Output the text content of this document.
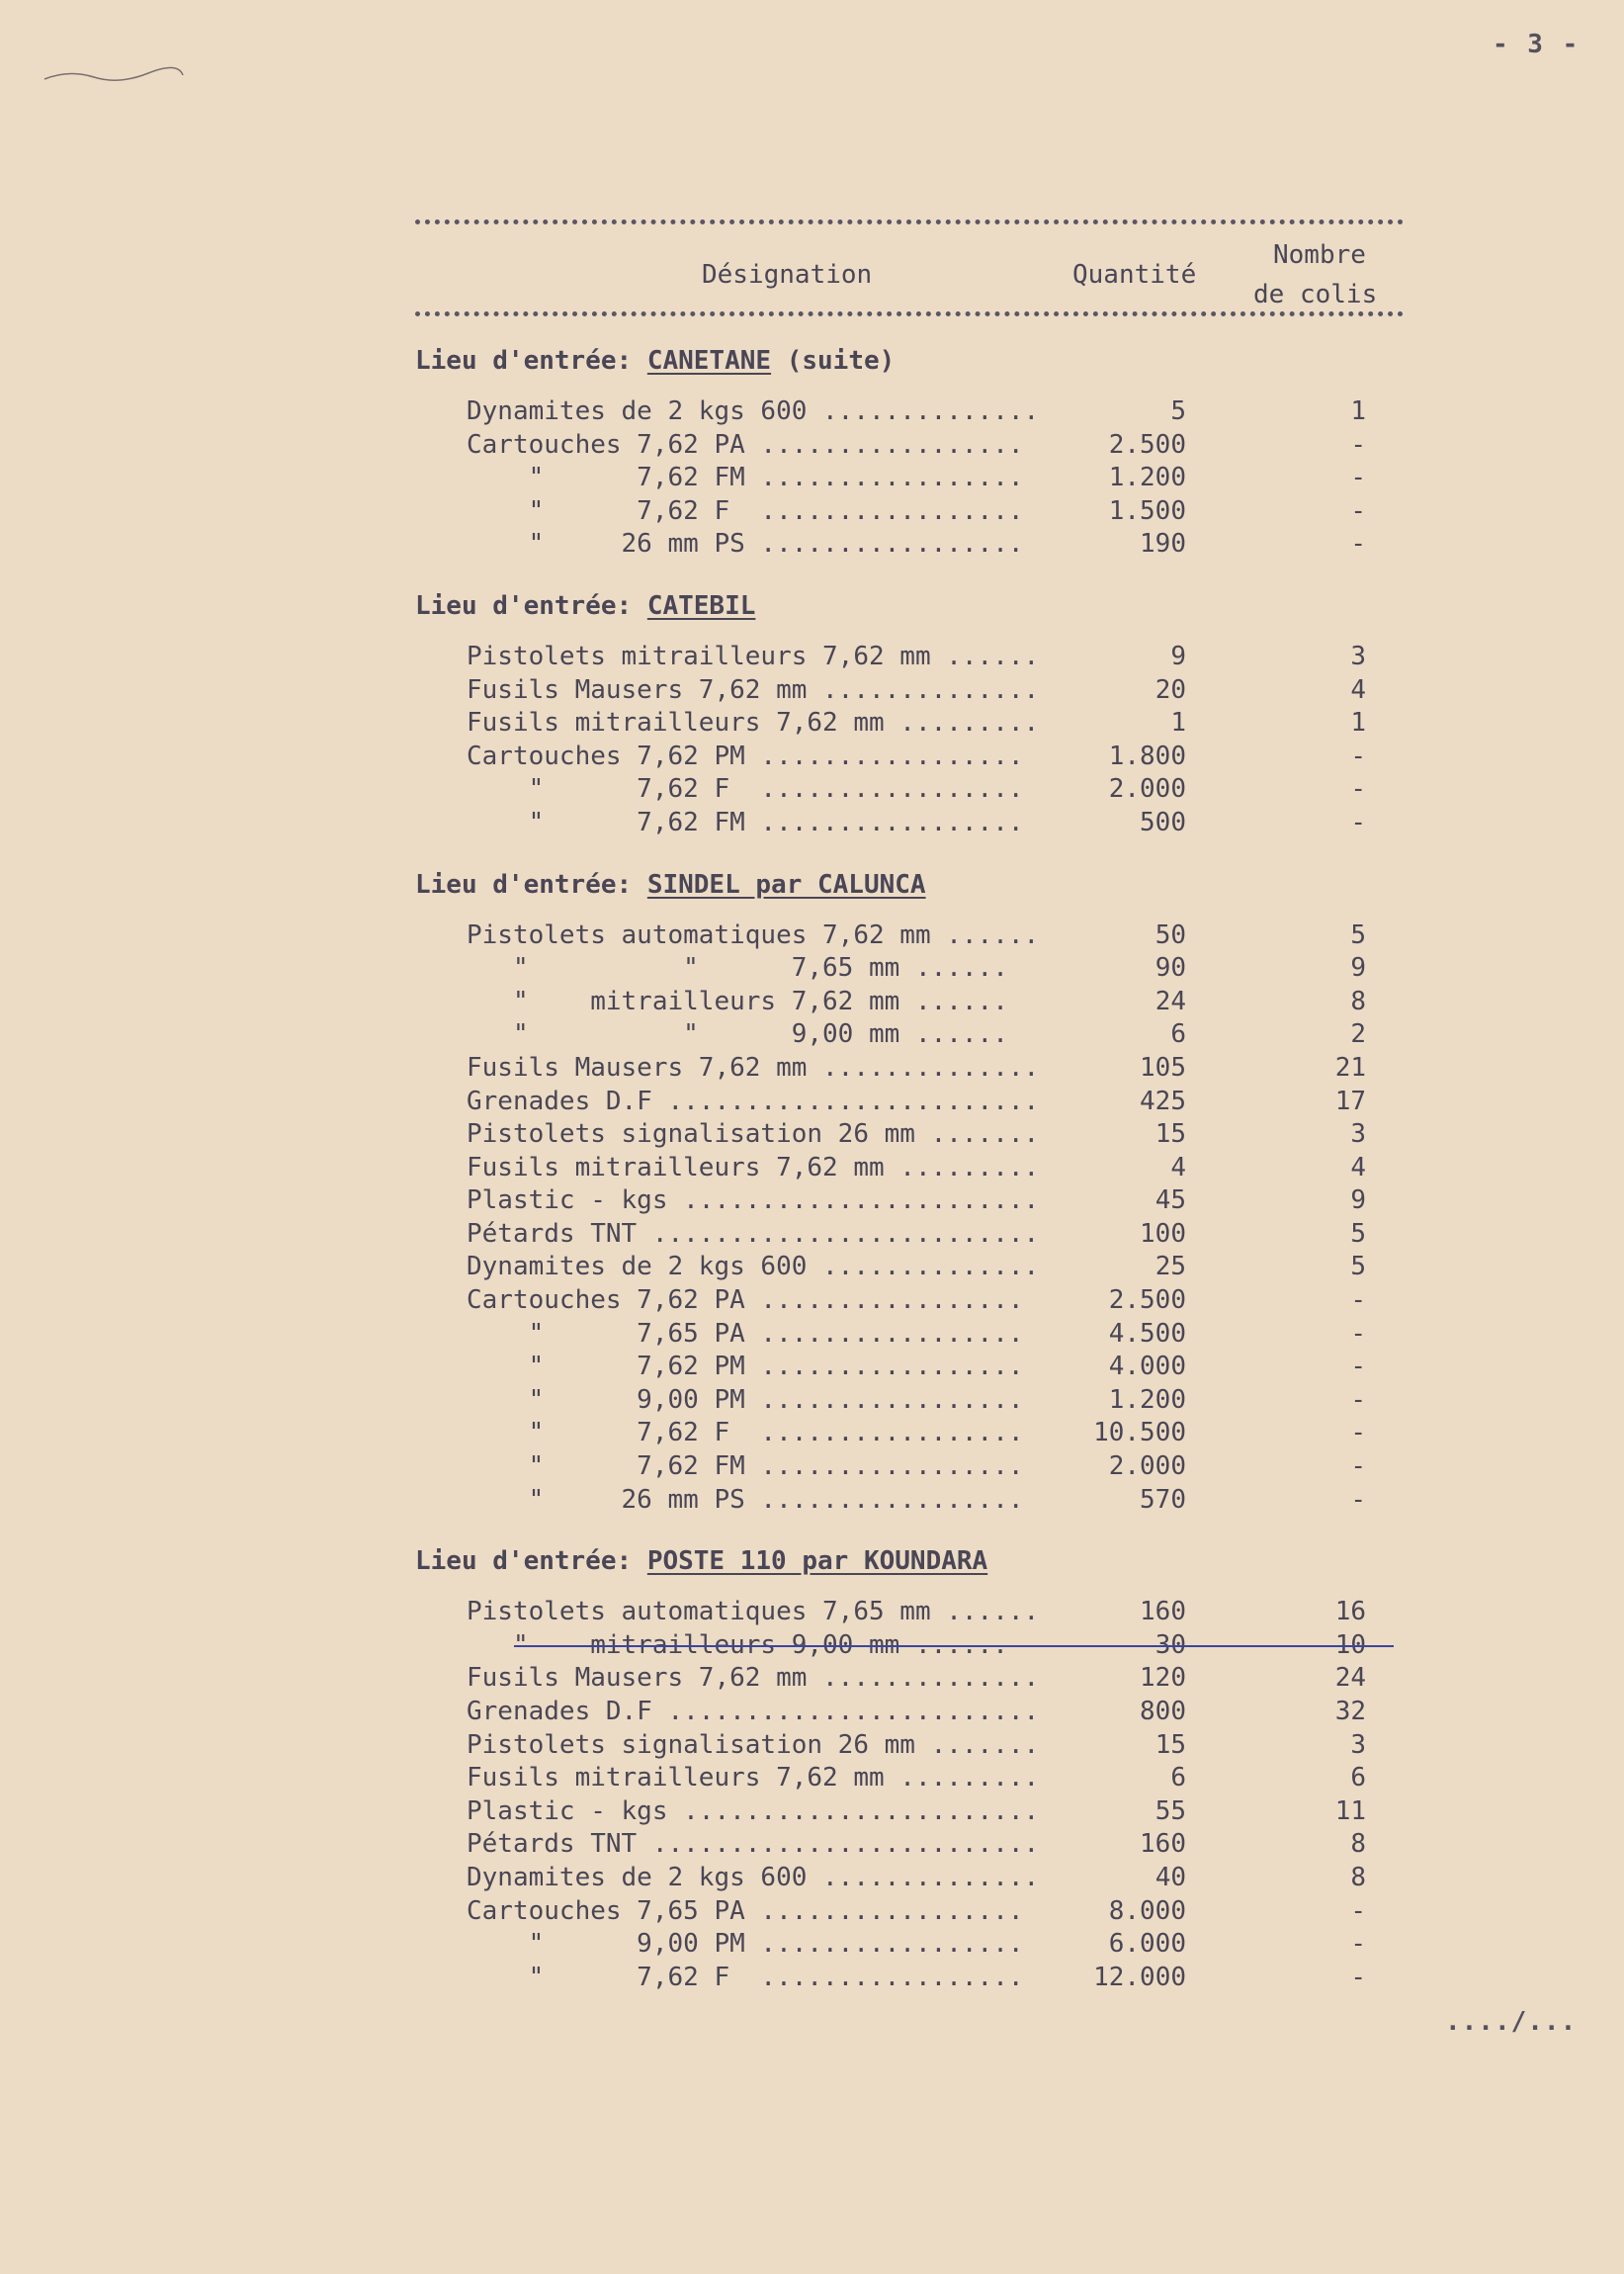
- 3 -
Désignation	Quantité
Nombre
de colis
Lieu d'entrée: CANETANE (suite)
Dynamites de 2 kgs 600 ..............	5	1
Cartouches 7,62 PA .................	2.500	-
"      7,62 FM .................	1.200	-
"      7,62 F  .................	1.500	-
"     26 mm PS .................	190	-
Lieu d'entrée: CATEBIL
Pistolets mitrailleurs 7,62 mm ......	9	3
Fusils Mausers 7,62 mm ..............	20	4
Fusils mitrailleurs 7,62 mm .........	1	1
Cartouches 7,62 PM .................	1.800	-
"      7,62 F  .................	2.000	-
"      7,62 FM .................	500	-
Lieu d'entrée: SINDEL par CALUNCA
Pistolets automatiques 7,62 mm ......	50	5
"          "      7,65 mm ......	90	9
"    mitrailleurs 7,62 mm ......	24	8
"          "      9,00 mm ......	6	2
Fusils Mausers 7,62 mm ..............	105	21
Grenades D.F ........................	425	17
Pistolets signalisation 26 mm .......	15	3
Fusils mitrailleurs 7,62 mm .........	4	4
Plastic - kgs .......................	45	9
Pétards TNT .........................	100	5
Dynamites de 2 kgs 600 ..............	25	5
Cartouches 7,62 PA .................	2.500	-
"      7,65 PA .................	4.500	-
"      7,62 PM .................	4.000	-
"      9,00 PM .................	1.200	-
"      7,62 F  .................	10.500	-
"      7,62 FM .................	2.000	-
"     26 mm PS .................	570	-
Lieu d'entrée: POSTE 110 par KOUNDARA
Pistolets automatiques 7,65 mm ......	160	16
"    mitrailleurs 9,00 mm ......	30	10
Fusils Mausers 7,62 mm ..............	120	24
Grenades D.F ........................	800	32
Pistolets signalisation 26 mm .......	15	3
Fusils mitrailleurs 7,62 mm .........	6	6
Plastic - kgs .......................	55	11
Pétards TNT .........................	160	8
Dynamites de 2 kgs 600 ..............	40	8
Cartouches 7,65 PA .................	8.000	-
"      9,00 PM .................	6.000	-
"      7,62 F  .................	12.000	-
..../...
